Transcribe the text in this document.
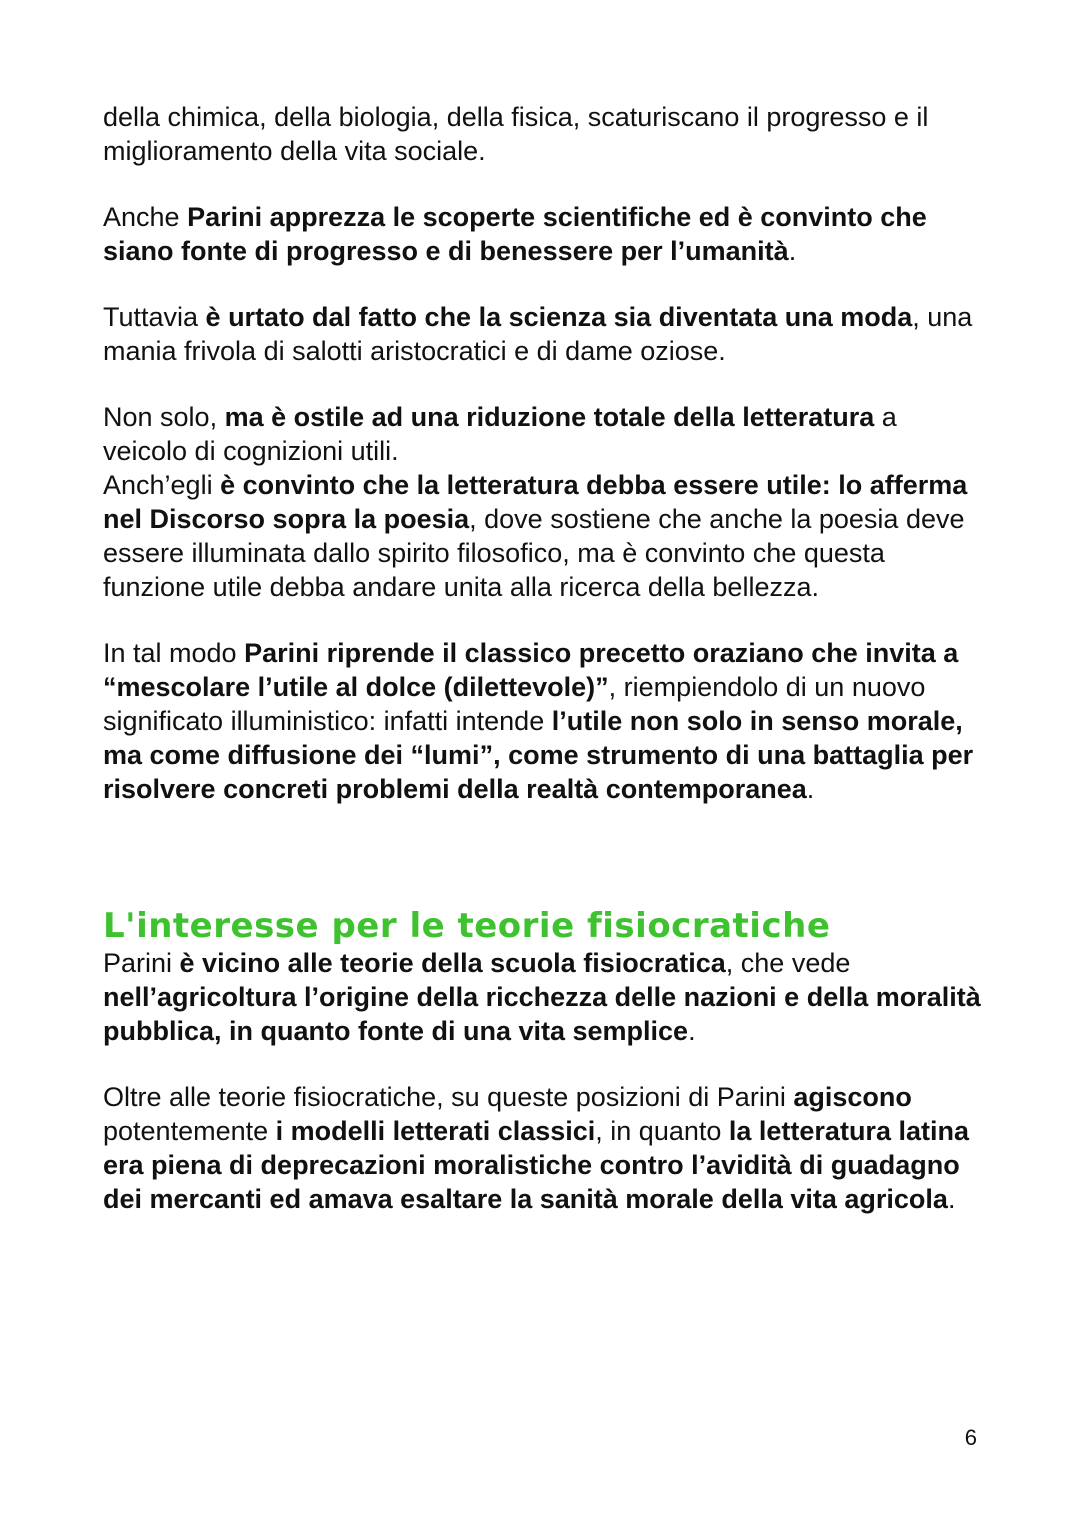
della chimica, della biologia, della fisica, scaturiscano il progresso e il miglioramento della vita sociale.

Anche Parini apprezza le scoperte scientifiche ed è convinto che siano fonte di progresso e di benessere per l’umanità.

Tuttavia è urtato dal fatto che la scienza sia diventata una moda, una mania frivola di salotti aristocratici e di dame oziose.

Non solo, ma è ostile ad una riduzione totale della letteratura a veicolo di cognizioni utili.
Anch’egli è convinto che la letteratura debba essere utile: lo afferma nel Discorso sopra la poesia, dove sostiene che anche la poesia deve essere illuminata dallo spirito filosofico, ma è convinto che questa funzione utile debba andare unita alla ricerca della bellezza.

In tal modo Parini riprende il classico precetto oraziano che invita a “mescolare l’utile al dolce (dilettevole)”, riempiendolo di un nuovo significato illuministico: infatti intende l’utile non solo in senso morale, ma come diffusione dei “lumi”, come strumento di una battaglia per risolvere concreti problemi della realtà contemporanea.

L'interesse per le teorie fisiocratiche

Parini è vicino alle teorie della scuola fisiocratica, che vede nell’agricoltura l’origine della ricchezza delle nazioni e della moralità pubblica, in quanto fonte di una vita semplice.

Oltre alle teorie fisiocratiche, su queste posizioni di Parini agiscono potentemente i modelli letterati classici, in quanto la letteratura latina era piena di deprecazioni moralistiche contro l’avidità di guadagno dei mercanti ed amava esaltare la sanità morale della vita agricola.

6
